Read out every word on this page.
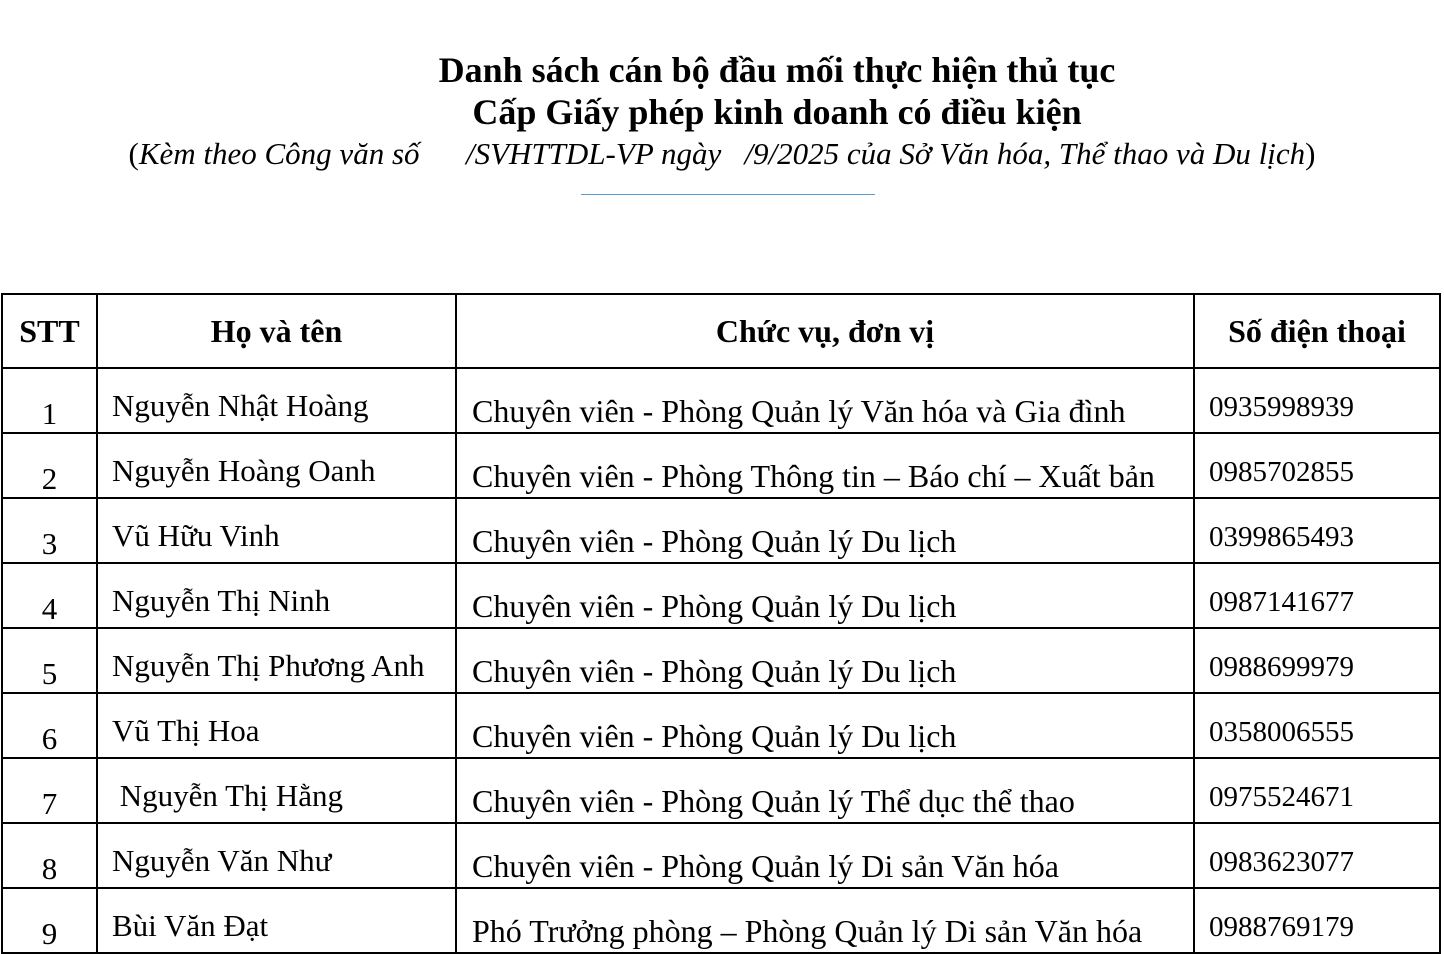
Danh sách cán bộ đầu mối thực hiện thủ tục
Cấp Giấy phép kinh doanh có điều kiện
(Kèm theo Công văn số      /SVHTTDL-VP ngày   /9/2025 của Sở Văn hóa, Thể thao và Du lịch)
STT	Họ và tên	Chức vụ, đơn vị	Số điện thoại
1	Nguyễn Nhật Hoàng	Chuyên viên - Phòng Quản lý Văn hóa và Gia đình	0935998939
2	Nguyễn Hoàng Oanh	Chuyên viên - Phòng Thông tin – Báo chí – Xuất bản	0985702855
3	Vũ Hữu Vinh	Chuyên viên - Phòng Quản lý Du lịch	0399865493
4	Nguyễn Thị Ninh	Chuyên viên - Phòng Quản lý Du lịch	0987141677
5	Nguyễn Thị Phương Anh	Chuyên viên - Phòng Quản lý Du lịch	0988699979
6	Vũ Thị Hoa	Chuyên viên - Phòng Quản lý Du lịch	0358006555
7	Nguyễn Thị Hằng	Chuyên viên - Phòng Quản lý Thể dục thể thao	0975524671
8	Nguyễn Văn Như	Chuyên viên - Phòng Quản lý Di sản Văn hóa	0983623077
9	Bùi Văn Đạt	Phó Trưởng phòng – Phòng Quản lý Di sản Văn hóa	0988769179
